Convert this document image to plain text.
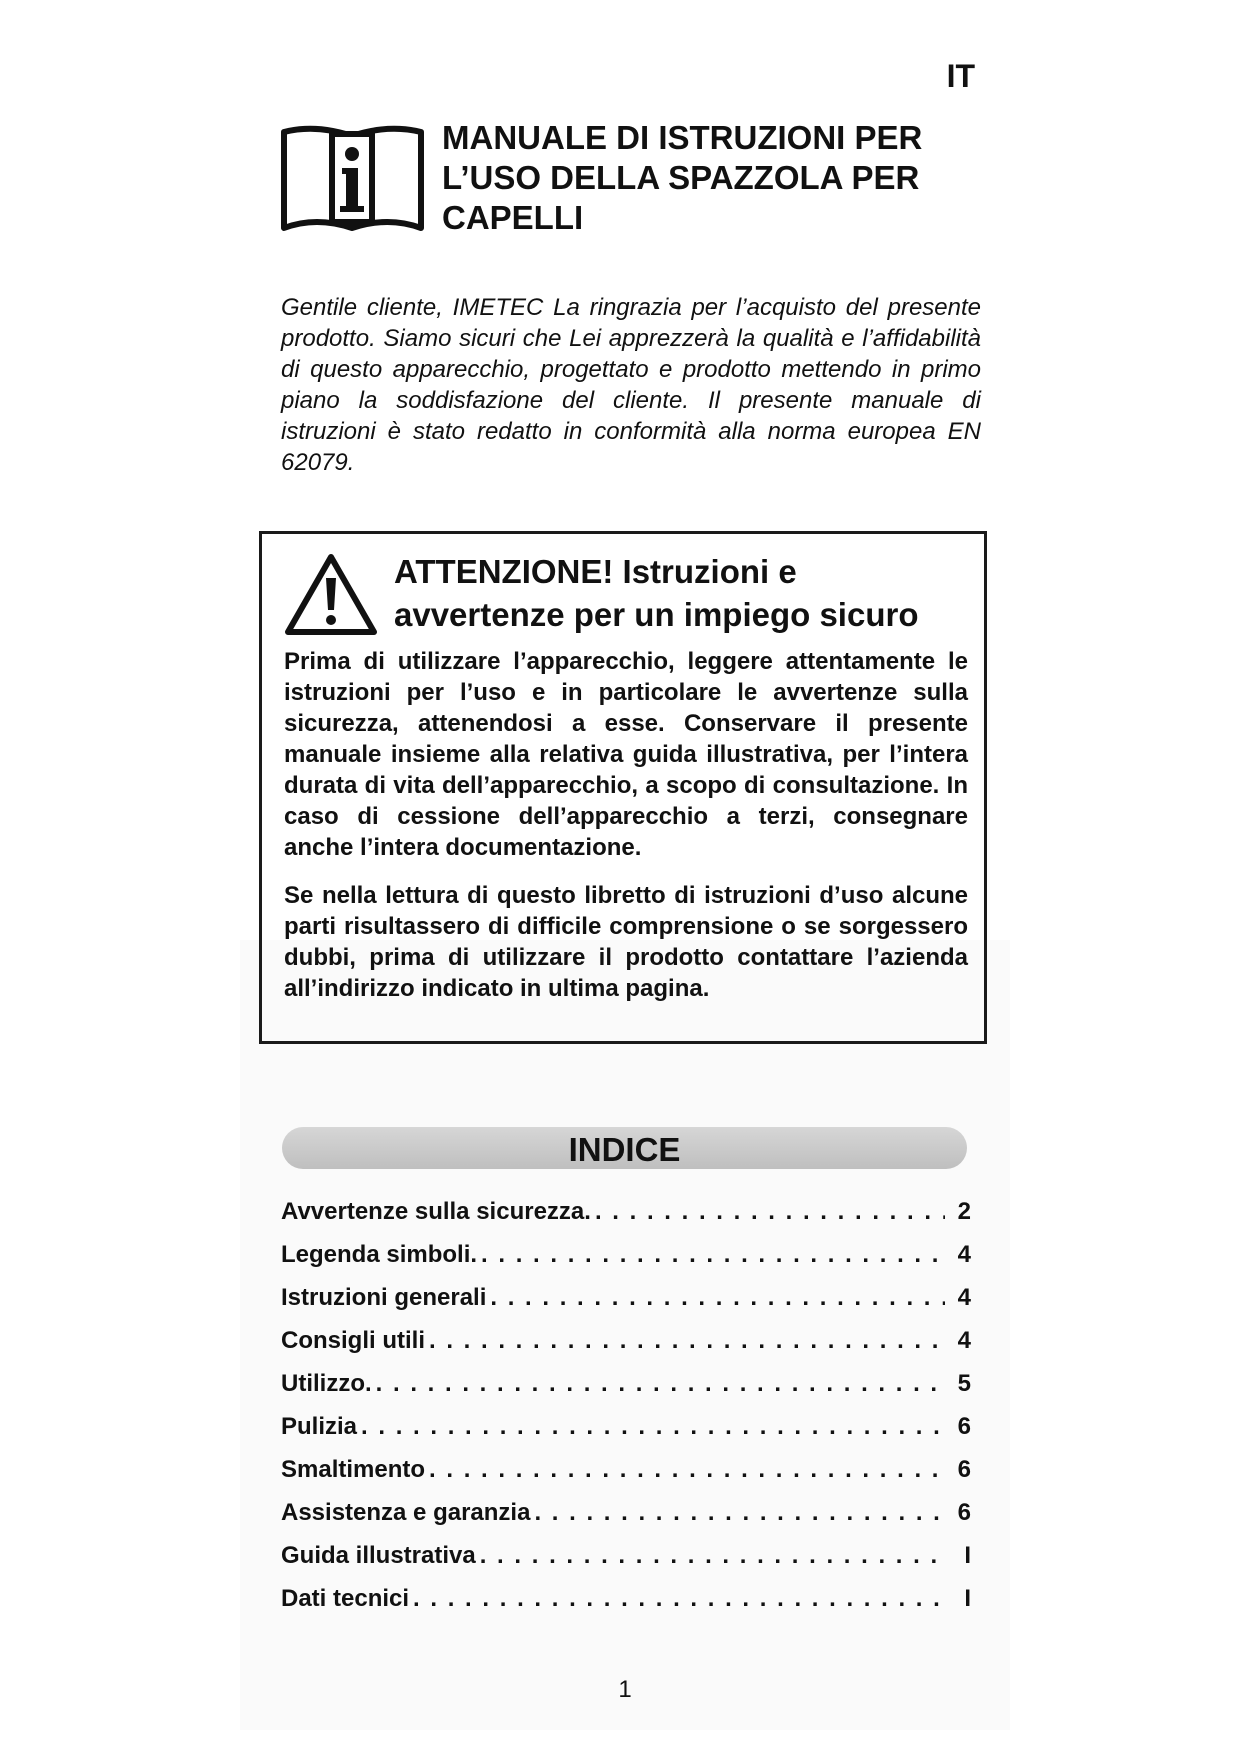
IT
MANUALE DI ISTRUZIONI PER L’USO DELLA SPAZZOLA PER CAPELLI

Gentile cliente, IMETEC La ringrazia per l’acquisto del presente prodotto. Siamo sicuri che Lei apprezzerà la qualità e l’affidabilità di questo apparecchio, progettato e prodotto mettendo in primo piano la soddisfazione del cliente. Il presente manuale di istruzioni è stato redatto in conformità alla norma europea EN 62079.

ATTENZIONE! Istruzioni e avvertenze per un impiego sicuro

Prima di utilizzare l’apparecchio, leggere attentamente le istruzioni per l’uso e in particolare le avvertenze sulla sicurezza, attenendosi a esse. Conservare il presente manuale insieme alla relativa guida illustrativa, per l’intera durata di vita dell’apparecchio, a scopo di consultazione. In caso di cessione dell’apparecchio a terzi, consegnare anche l’intera documentazione.

Se nella lettura di questo libretto di istruzioni d’uso alcune parti risultassero di difficile comprensione o se sorgessero dubbi, prima di utilizzare il prodotto contattare l’azienda all’indirizzo indicato in ultima pagina.

INDICE
Avvertenze sulla sicurezza. . . .	2
Legenda simboli. . . .	4
Istruzioni generali . . .	4
Consigli utili . . .	4
Utilizzo. . . .	5
Pulizia . . .	6
Smaltimento . . .	6
Assistenza e garanzia . . .	6
Guida illustrativa . . .	I
Dati tecnici . . .	I
1
